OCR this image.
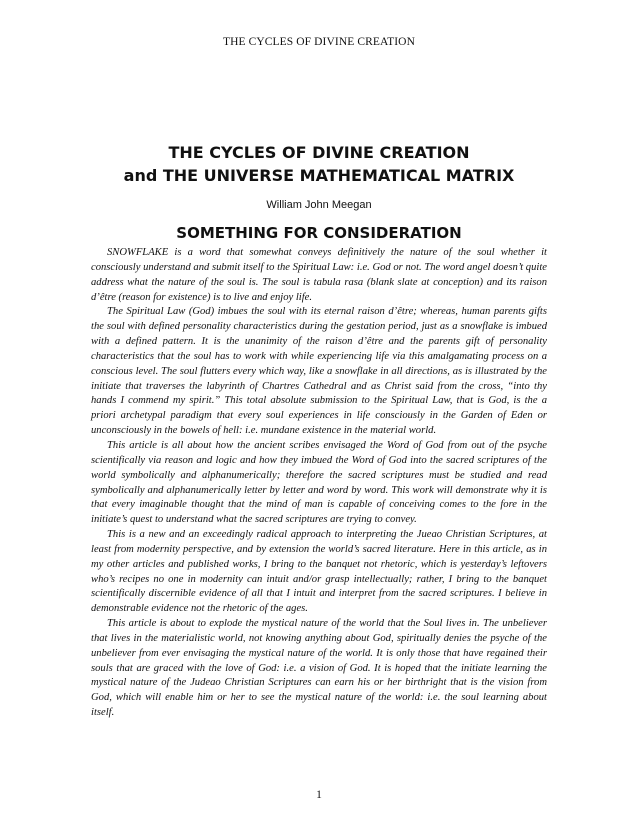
THE CYCLES OF DIVINE CREATION
THE CYCLES OF DIVINE CREATION
and THE UNIVERSE MATHEMATICAL MATRIX
William John Meegan
SOMETHING FOR CONSIDERATION

SNOWFLAKE is a word that somewhat conveys definitively the nature of the soul whether it consciously understand and submit itself to the Spiritual Law: i.e. God or not. The word angel doesn’t quite address what the nature of the soul is. The soul is tabula rasa (blank slate at conception) and its raison d’être (reason for existence) is to live and enjoy life.

The Spiritual Law (God) imbues the soul with its eternal raison d’être; whereas, human parents gifts the soul with defined personality characteristics during the gestation period, just as a snowflake is imbued with a defined pattern. It is the unanimity of the raison d’être and the parents gift of personality characteristics that the soul has to work with while experiencing life via this amalgamating process on a conscious level. The soul flutters every which way, like a snowflake in all directions, as is illustrated by the initiate that traverses the labyrinth of Chartres Cathedral and as Christ said from the cross, “into thy hands I commend my spirit.” This total absolute submission to the Spiritual Law, that is God, is the a priori archetypal paradigm that every soul experiences in life consciously in the Garden of Eden or unconsciously in the bowels of hell: i.e. mundane existence in the material world.

This article is all about how the ancient scribes envisaged the Word of God from out of the psyche scientifically via reason and logic and how they imbued the Word of God into the sacred scriptures of the world symbolically and alphanumerically; therefore the sacred scriptures must be studied and read symbolically and alphanumerically letter by letter and word by word. This work will demonstrate why it is that every imaginable thought that the mind of man is capable of conceiving comes to the fore in the initiate’s quest to understand what the sacred scriptures are trying to convey.

This is a new and an exceedingly radical approach to interpreting the Jueao Christian Scriptures, at least from modernity perspective, and by extension the world’s sacred literature. Here in this article, as in my other articles and published works, I bring to the banquet not rhetoric, which is yesterday’s leftovers who’s recipes no one in modernity can intuit and/or grasp intellectually; rather, I bring to the banquet scientifically discernible evidence of all that I intuit and interpret from the sacred scriptures. I believe in demonstrable evidence not the rhetoric of the ages.

This article is about to explode the mystical nature of the world that the Soul lives in. The unbeliever that lives in the materialistic world, not knowing anything about God, spiritually denies the psyche of the unbeliever from ever envisaging the mystical nature of the world. It is only those that have regained their souls that are graced with the love of God: i.e. a vision of God. It is hoped that the initiate learning the mystical nature of the Judeao Christian Scriptures can earn his or her birthright that is the vision from God, which will enable him or her to see the mystical nature of the world: i.e. the soul learning about itself.

1
